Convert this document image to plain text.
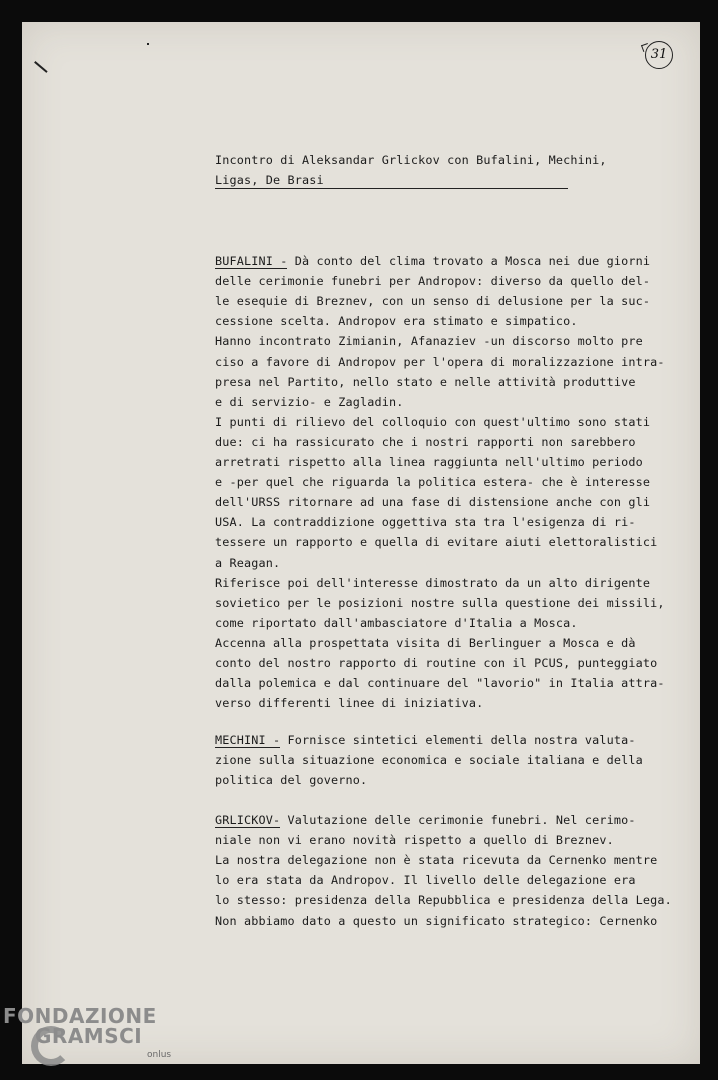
31
Incontro di Aleksandar Grlickov con Bufalini, Mechini,
Ligas, De Brasi
BUFALINI - Dà conto del clima trovato a Mosca nei due giorni
delle cerimonie funebri per Andropov: diverso da quello del-
le esequie di Breznev, con un senso di delusione per la suc-
cessione scelta. Andropov era stimato e simpatico.
Hanno incontrato Zimianin, Afanaziev -un discorso molto pre
ciso a favore di Andropov per l'opera di moralizzazione intra-
presa nel Partito, nello stato e nelle attività produttive
e di servizio- e Zagladin.
I punti di rilievo del colloquio con quest'ultimo sono stati
due: ci ha rassicurato che i nostri rapporti non sarebbero
arretrati rispetto alla linea raggiunta nell'ultimo periodo
e -per quel che riguarda la politica estera- che è interesse
dell'URSS ritornare ad una fase di distensione anche con gli
USA. La contraddizione oggettiva sta tra l'esigenza di ri-
tessere un rapporto e quella di evitare aiuti elettoralistici
a Reagan.
Riferisce poi dell'interesse dimostrato da un alto dirigente
sovietico per le posizioni nostre sulla questione dei missili,
come riportato dall'ambasciatore d'Italia a Mosca.
Accenna alla prospettata visita di Berlinguer a Mosca e dà
conto del nostro rapporto di routine con il PCUS, punteggiato
dalla polemica e dal continuare del "lavorio" in Italia attra-
verso differenti linee di iniziativa.
MECHINI - Fornisce sintetici elementi della nostra valuta-
zione sulla situazione economica e sociale italiana e della
politica del governo.
GRLICKOV- Valutazione delle cerimonie funebri. Nel cerimo-
niale non vi erano novità rispetto a quello di Breznev.
La nostra delegazione non è stata ricevuta da Cernenko mentre
lo era stata da Andropov. Il livello delle delegazione era
lo stesso: presidenza della Repubblica e presidenza della Lega.
Non abbiamo dato a questo un significato strategico: Cernenko
FONDAZIONE
GRAMSCI
onlus
